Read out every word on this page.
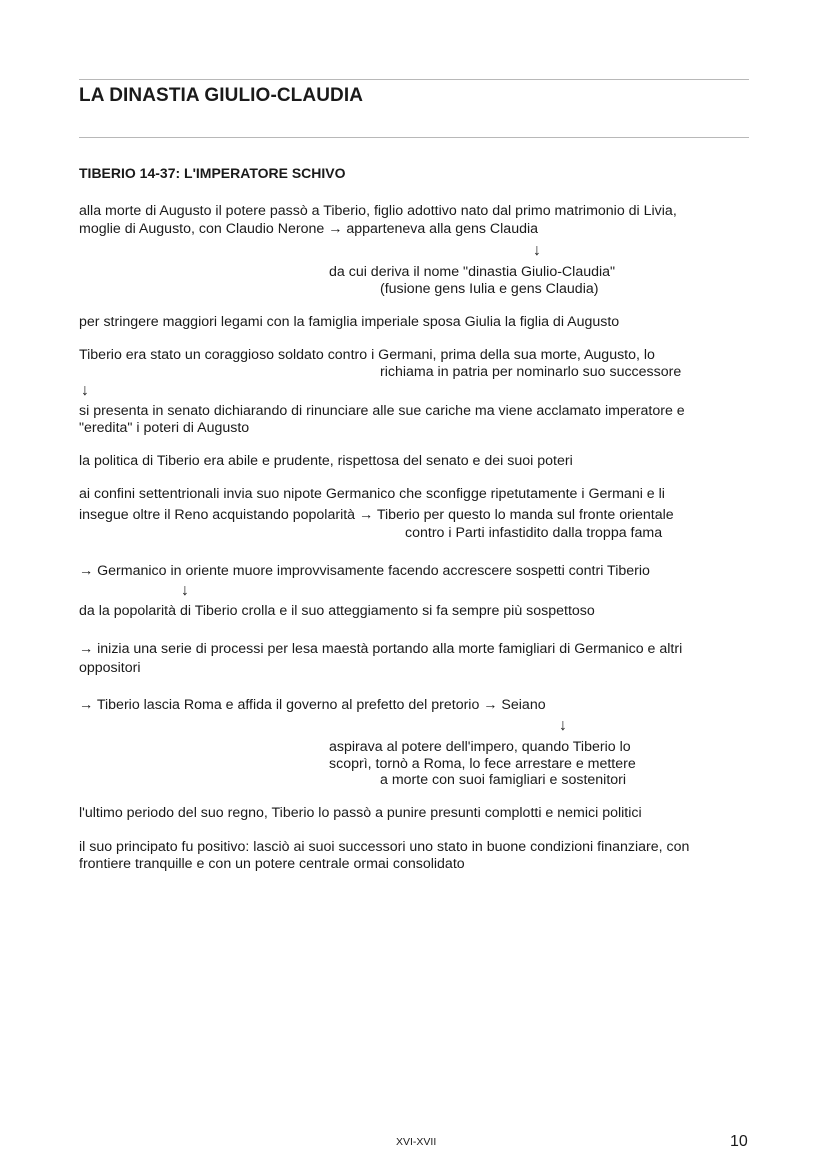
LA DINASTIA GIULIO-CLAUDIA
TIBERIO 14-37: L'IMPERATORE SCHIVO
alla morte di Augusto il potere passò a Tiberio, figlio adottivo nato dal primo matrimonio di Livia,
moglie di Augusto, con Claudio Nerone → apparteneva alla gens Claudia
↓
da cui deriva il nome "dinastia Giulio-Claudia"
(fusione gens Iulia e gens Claudia)
per stringere maggiori legami con la famiglia imperiale sposa Giulia la figlia di Augusto
Tiberio era stato un coraggioso soldato contro i Germani, prima della sua morte, Augusto, lo
richiama in patria per nominarlo suo successore
↓
si presenta in senato dichiarando di rinunciare alle sue cariche ma viene acclamato imperatore e
"eredita" i poteri di Augusto
la politica di Tiberio era abile e prudente, rispettosa del senato e dei suoi poteri
ai confini settentrionali invia suo nipote Germanico che sconfigge ripetutamente i Germani e li
insegue oltre il Reno acquistando popolarità → Tiberio per questo lo manda sul fronte orientale
contro i Parti infastidito dalla troppa fama
→ Germanico in oriente muore improvvisamente facendo accrescere sospetti contri Tiberio
↓
da la popolarità di Tiberio crolla e il suo atteggiamento si fa sempre più sospettoso
→ inizia una serie di processi per lesa maestà portando alla morte famigliari di Germanico e altri
oppositori
→ Tiberio lascia Roma e affida il governo al prefetto del pretorio → Seiano
↓
aspirava al potere dell'impero, quando Tiberio lo
scoprì, tornò a Roma, lo fece arrestare e mettere
a morte con suoi famigliari e sostenitori
l'ultimo periodo del suo regno, Tiberio lo passò a punire presunti complotti e nemici politici
il suo principato fu positivo: lasciò ai suoi successori uno stato in buone condizioni finanziare, con
frontiere tranquille e con un potere centrale ormai consolidato
XVI-XVII	10
